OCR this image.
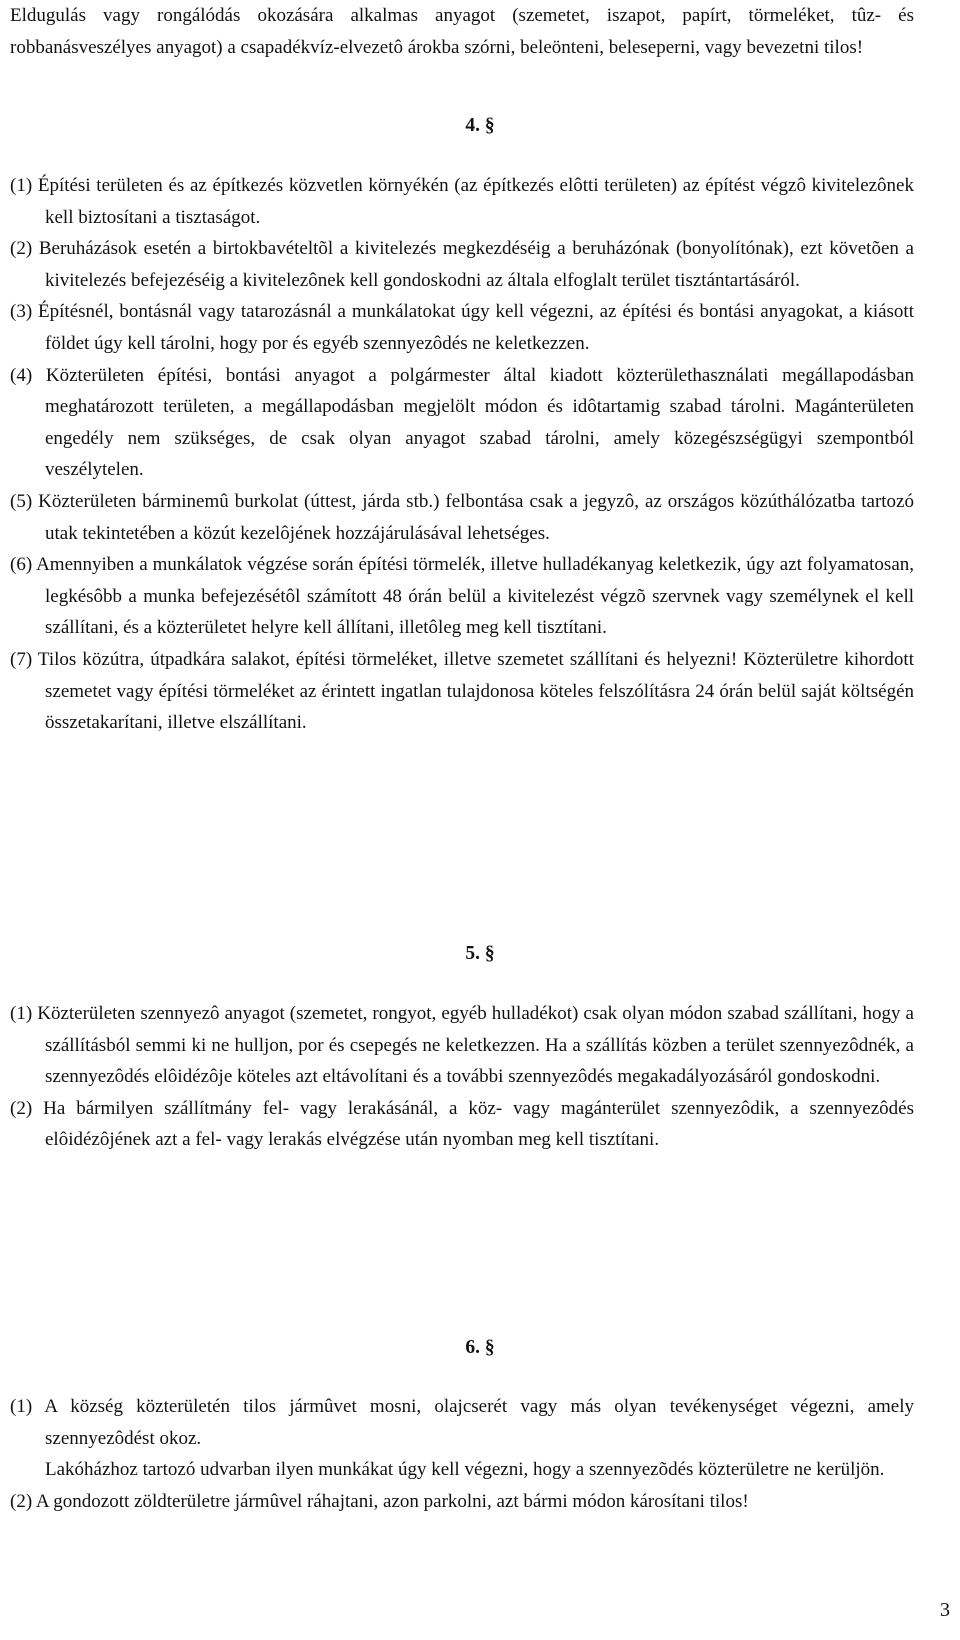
Eldugulás vagy rongálódás okozására alkalmas anyagot (szemetet, iszapot, papírt, törmeléket, tûz- és robbanásveszélyes anyagot) a csapadékvíz-elvezetô árokba szórni, beleönteni, beleseperni, vagy bevezetni tilos!
4. §
(1) Építési területen és az építkezés közvetlen környékén (az építkezés elôtti területen) az építést végzô kivitelezônek kell biztosítani a tisztaságot.
(2) Beruházások esetén a birtokbavételtõl a kivitelezés megkezdéséig a beruházónak (bonyolítónak), ezt követõen a kivitelezés befejezéséig a kivitelezônek kell gondoskodni az általa elfoglalt terület tisztántartásáról.
(3) Építésnél, bontásnál vagy tatarozásnál a munkálatokat úgy kell végezni, az építési és bontási anyagokat, a kiásott földet úgy kell tárolni, hogy por és egyéb szennyezôdés ne keletkezzen.
(4) Közterületen építési, bontási anyagot a polgármester által kiadott közterülethasználati megállapodásban meghatározott területen, a megállapodásban megjelölt módon és idôtartamig szabad tárolni. Magánterületen engedély nem szükséges, de csak olyan anyagot szabad tárolni, amely közegészségügyi szempontból veszélytelen.
(5) Közterületen bárminemû burkolat (úttest, járda stb.) felbontása csak a jegyzô, az országos közúthálózatba tartozó utak tekintetében a közút kezelôjének hozzájárulásával lehetséges.
(6) Amennyiben a munkálatok végzése során építési törmelék, illetve hulladékanyag keletkezik, úgy azt folyamatosan, legkésôbb a munka befejezésétôl számított 48 órán belül a kivitelezést végzõ szervnek vagy személynek el kell szállítani, és a közterületet helyre kell állítani, illetôleg meg kell tisztítani.
(7) Tilos közútra, útpadkára salakot, építési törmeléket, illetve szemetet szállítani és helyezni! Közterületre kihordott szemetet vagy építési törmeléket az érintett ingatlan tulajdonosa köteles felszólításra 24 órán belül saját költségén összetakarítani, illetve elszállítani.
5. §
(1) Közterületen szennyezô anyagot (szemetet, rongyot, egyéb hulladékot) csak olyan módon szabad szállítani, hogy a szállításból semmi ki ne hulljon, por és csepegés ne keletkezzen. Ha a szállítás közben a terület szennyezôdnék, a szennyezôdés elôidézôje köteles azt eltávolítani és a további szennyezôdés megakadályozásáról gondoskodni.
(2) Ha bármilyen szállítmány fel- vagy lerakásánál, a köz- vagy magánterület szennyezôdik, a szennyezôdés elôidézôjének azt a fel- vagy lerakás elvégzése után nyomban meg kell tisztítani.
6. §
(1) A község közterületén tilos jármûvet mosni, olajcserét vagy más olyan tevékenységet végezni, amely szennyezôdést okoz.
Lakóházhoz tartozó udvarban ilyen munkákat úgy kell végezni, hogy a szennyezõdés közterületre ne kerüljön.
(2) A gondozott zöldterületre jármûvel ráhajtani, azon parkolni, azt bármi módon károsítani tilos!
3
